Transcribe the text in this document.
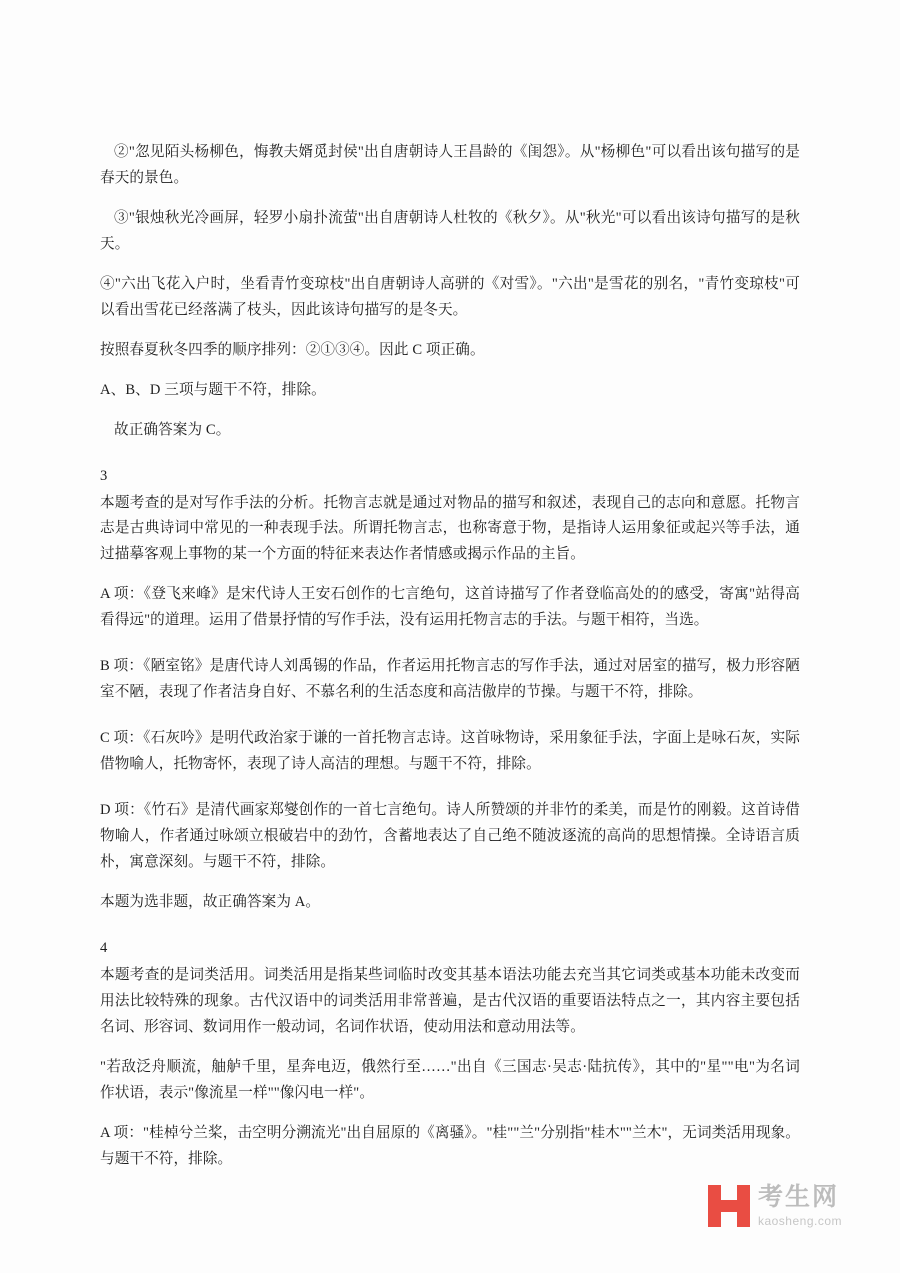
②"忽见陌头杨柳色，悔教夫婿觅封侯"出自唐朝诗人王昌龄的《闺怨》。从"杨柳色"可以看出该句描写的是春天的景色。

③"银烛秋光冷画屏，轻罗小扇扑流萤"出自唐朝诗人杜牧的《秋夕》。从"秋光"可以看出该诗句描写的是秋天。

④"六出飞花入户时，坐看青竹变琼枝"出自唐朝诗人高骈的《对雪》。"六出"是雪花的别名，"青竹变琼枝"可以看出雪花已经落满了枝头，因此该诗句描写的是冬天。

按照春夏秋冬四季的顺序排列：②①③④。因此 C 项正确。

A、B、D 三项与题干不符，排除。

故正确答案为 C。

3

本题考查的是对写作手法的分析。托物言志就是通过对物品的描写和叙述，表现自己的志向和意愿。托物言志是古典诗词中常见的一种表现手法。所谓托物言志，也称寄意于物，是指诗人运用象征或起兴等手法，通过描摹客观上事物的某一个方面的特征来表达作者情感或揭示作品的主旨。

A 项：《登飞来峰》是宋代诗人王安石创作的七言绝句，这首诗描写了作者登临高处的的感受，寄寓"站得高看得远"的道理。运用了借景抒情的写作手法，没有运用托物言志的手法。与题干相符，当选。

B 项：《陋室铭》是唐代诗人刘禹锡的作品，作者运用托物言志的写作手法，通过对居室的描写，极力形容陋室不陋，表现了作者洁身自好、不慕名利的生活态度和高洁傲岸的节操。与题干不符，排除。

C 项：《石灰吟》是明代政治家于谦的一首托物言志诗。这首咏物诗，采用象征手法，字面上是咏石灰，实际借物喻人，托物寄怀，表现了诗人高洁的理想。与题干不符，排除。

D 项：《竹石》是清代画家郑燮创作的一首七言绝句。诗人所赞颂的并非竹的柔美，而是竹的刚毅。这首诗借物喻人，作者通过咏颂立根破岩中的劲竹，含蓄地表达了自己绝不随波逐流的高尚的思想情操。全诗语言质朴，寓意深刻。与题干不符，排除。

本题为选非题，故正确答案为 A。

4

本题考查的是词类活用。词类活用是指某些词临时改变其基本语法功能去充当其它词类或基本功能未改变而用法比较特殊的现象。古代汉语中的词类活用非常普遍，是古代汉语的重要语法特点之一，其内容主要包括名词、形容词、数词用作一般动词，名词作状语，使动用法和意动用法等。

"若敌泛舟顺流，舳舻千里，星奔电迈，俄然行至……"出自《三国志·吴志·陆抗传》，其中的"星""电"为名词作状语，表示"像流星一样""像闪电一样"。

A 项："桂棹兮兰桨，击空明分溯流光"出自屈原的《离骚》。"桂""兰"分别指"桂木""兰木"，无词类活用现象。与题干不符，排除。

考生网
kaosheng.com
